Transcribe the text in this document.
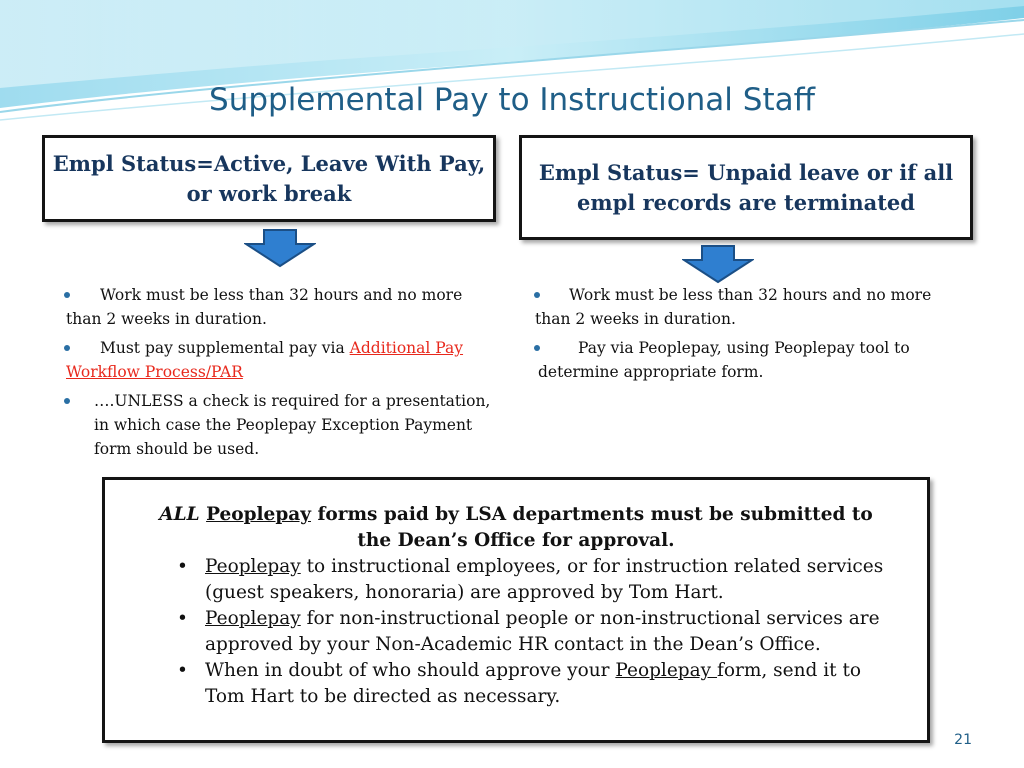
Supplemental Pay to Instructional Staff
Empl Status=Active, Leave With Pay,
or work break
Empl Status= Unpaid leave or if all
empl records are terminated
Work must be less than 32 hours and no more than 2 weeks in duration.
Must pay supplemental pay via Additional Pay Workflow Process/PAR
….UNLESS a check is required for a presentation, in which case the Peoplepay Exception Payment form should be used.
Work must be less than 32 hours and no more than 2 weeks in duration.
Pay via Peoplepay, using Peoplepay tool to determine appropriate form.
ALL Peoplepay forms paid by LSA departments must be submitted to the Dean’s Office for approval.
• Peoplepay to instructional employees, or for instruction related services (guest speakers, honoraria) are approved by Tom Hart.
• Peoplepay for non-instructional people or non-instructional services are approved by your Non-Academic HR contact in the Dean’s Office.
• When in doubt of who should approve your Peoplepay form, send it to Tom Hart to be directed as necessary.
21
